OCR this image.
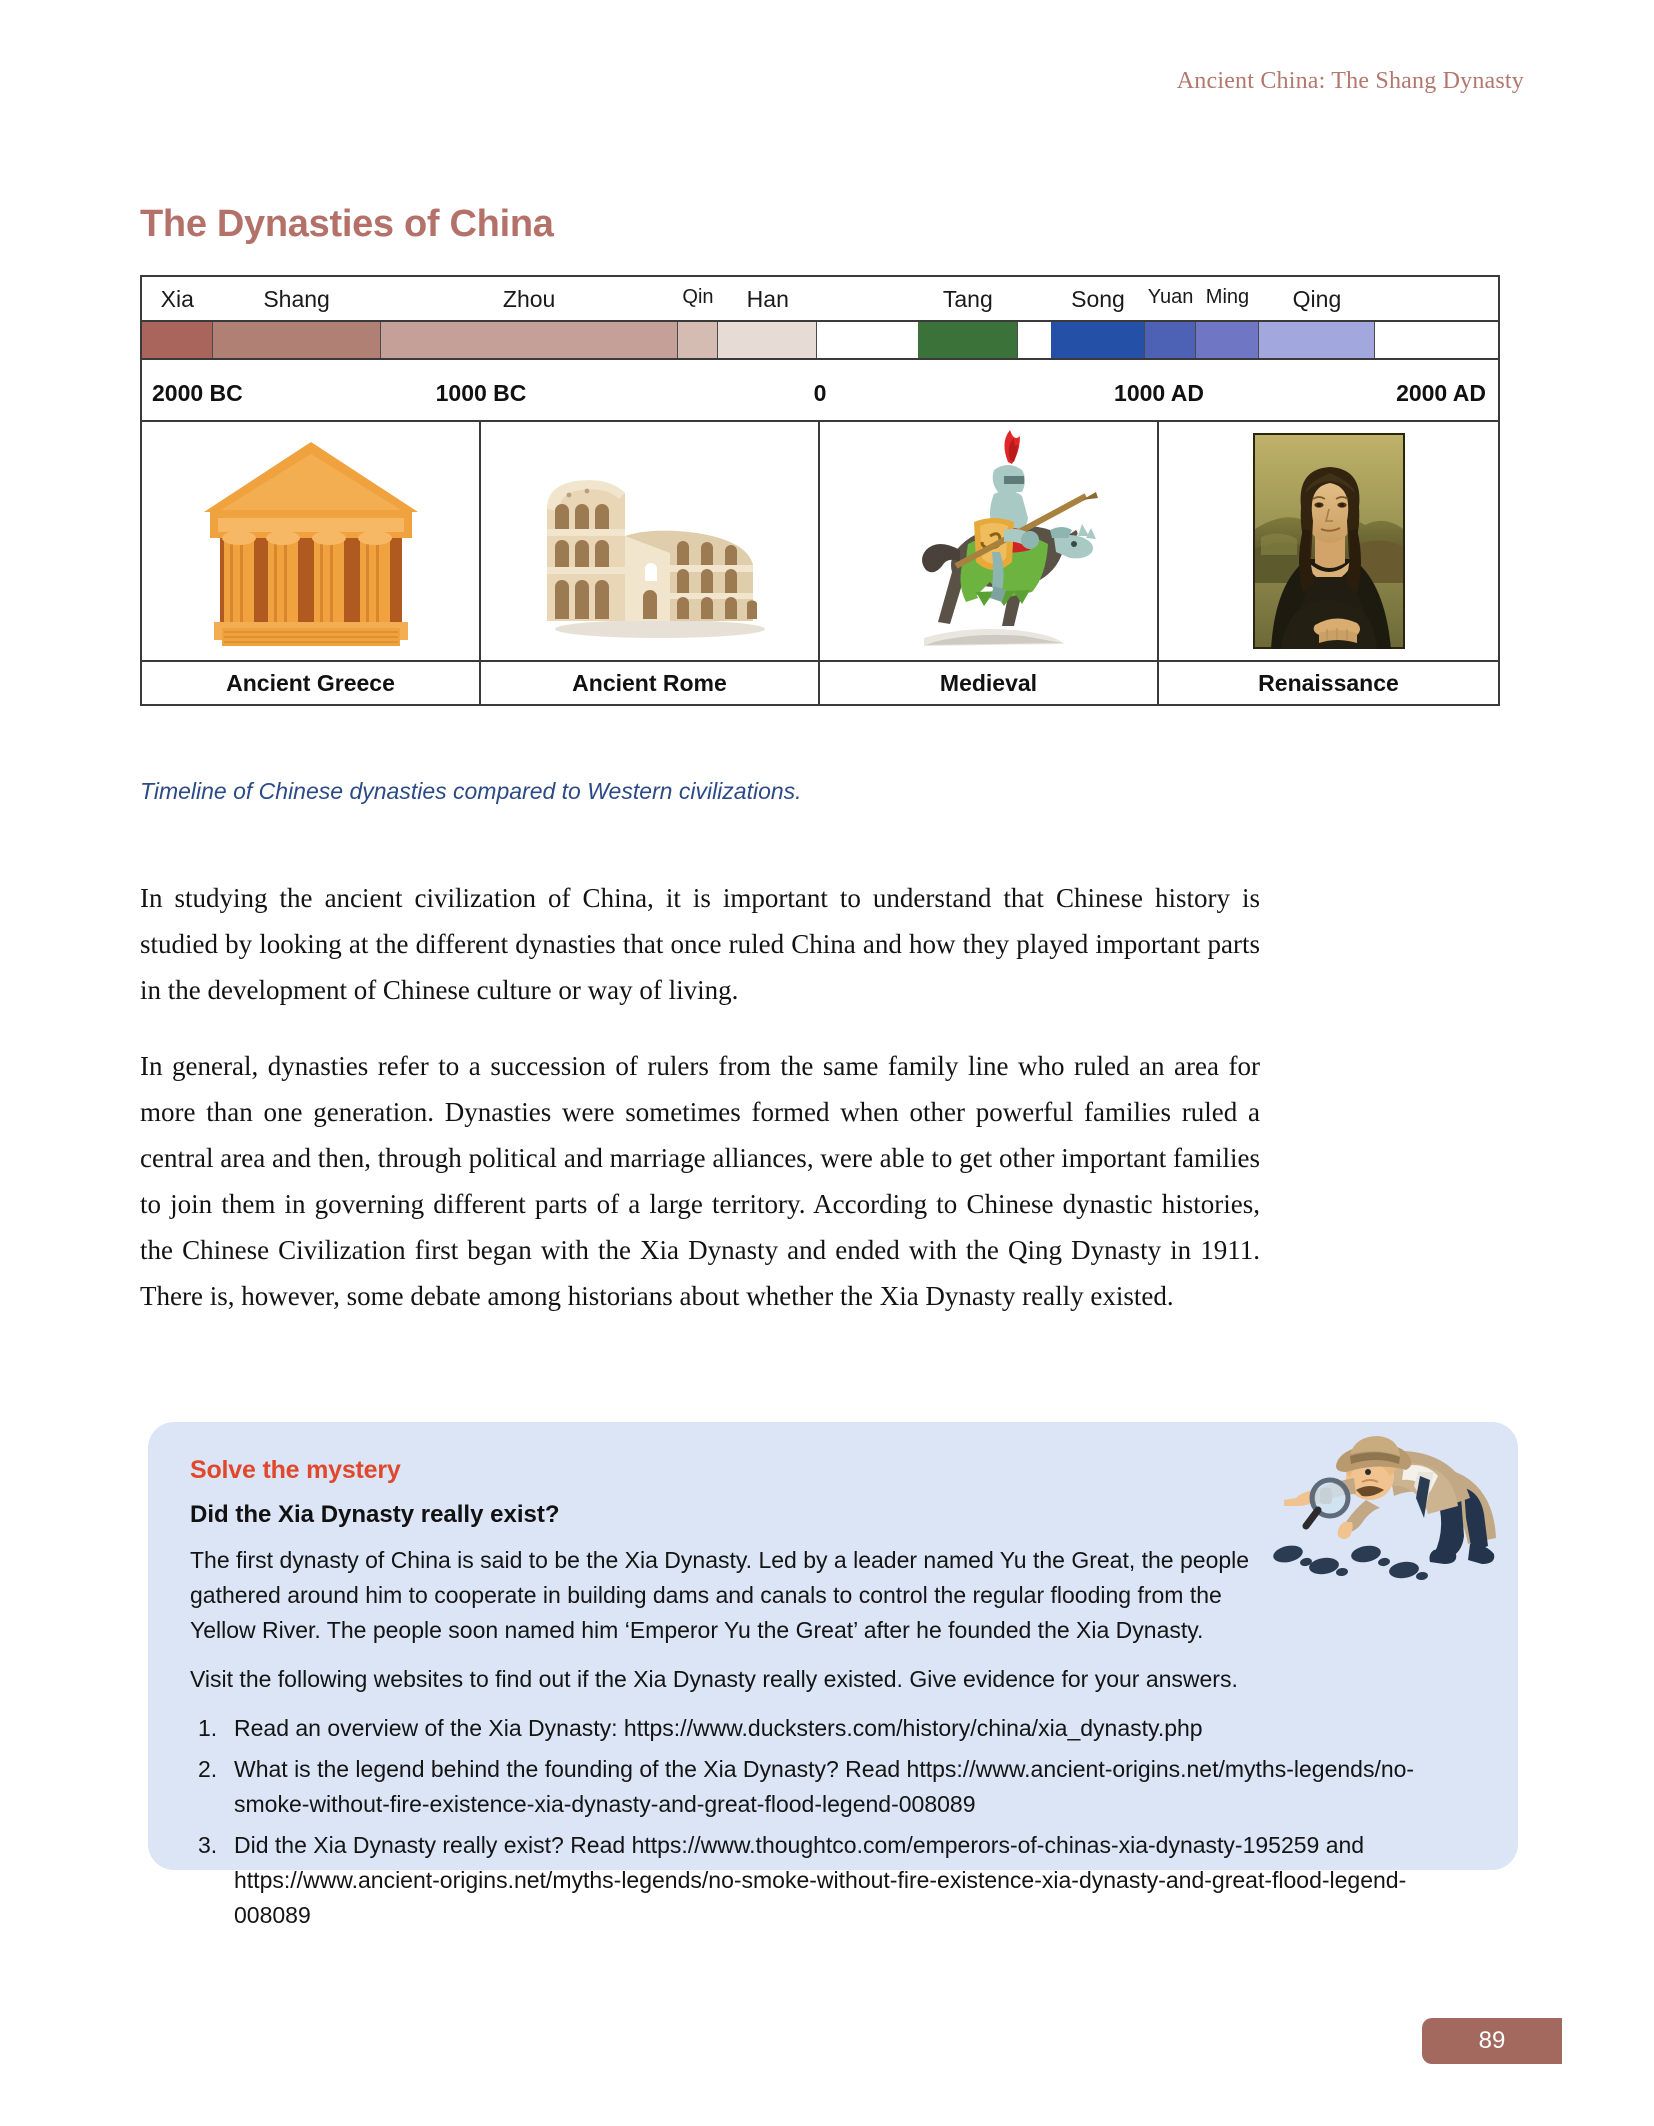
Ancient China: The Shang Dynasty
The Dynasties of China
Xia	Shang	Zhou	Qin Han	Tang	Song Yuan Ming Qing
2000 BC	1000 BC	0	1000 AD	2000 AD
Ancient Greece	Ancient Rome	Medieval	Renaissance
Timeline of Chinese dynasties compared to Western civilizations.

In studying the ancient civilization of China, it is important to understand that Chinese history is studied by looking at the different dynasties that once ruled China and how they played important parts in the development of Chinese culture or way of living.

In general, dynasties refer to a succession of rulers from the same family line who ruled an area for more than one generation. Dynasties were sometimes formed when other powerful families ruled a central area and then, through political and marriage alliances, were able to get other important families to join them in governing different parts of a large territory. According to Chinese dynastic histories, the Chinese Civilization first began with the Xia Dynasty and ended with the Qing Dynasty in 1911. There is, however, some debate among historians about whether the Xia Dynasty really existed.

Solve the mystery
Did the Xia Dynasty really exist?

The first dynasty of China is said to be the Xia Dynasty. Led by a leader named Yu the Great, the people gathered around him to cooperate in building dams and canals to control the regular flooding from the Yellow River. The people soon named him ‘Emperor Yu the Great’ after he founded the Xia Dynasty.

Visit the following websites to find out if the Xia Dynasty really existed. Give evidence for your answers.

Read an overview of the Xia Dynasty: https://www.ducksters.com/history/china/xia_dynasty.php
What is the legend behind the founding of the Xia Dynasty? Read https://www.ancient-origins.net/myths-legends/no-smoke-without-fire-existence-xia-dynasty-and-great-flood-legend-008089
Did the Xia Dynasty really exist? Read https://www.thoughtco.com/emperors-of-chinas-xia-dynasty-195259 and https://www.ancient-origins.net/myths-legends/no-smoke-without-fire-existence-xia-dynasty-and-great-flood-legend-008089
89
